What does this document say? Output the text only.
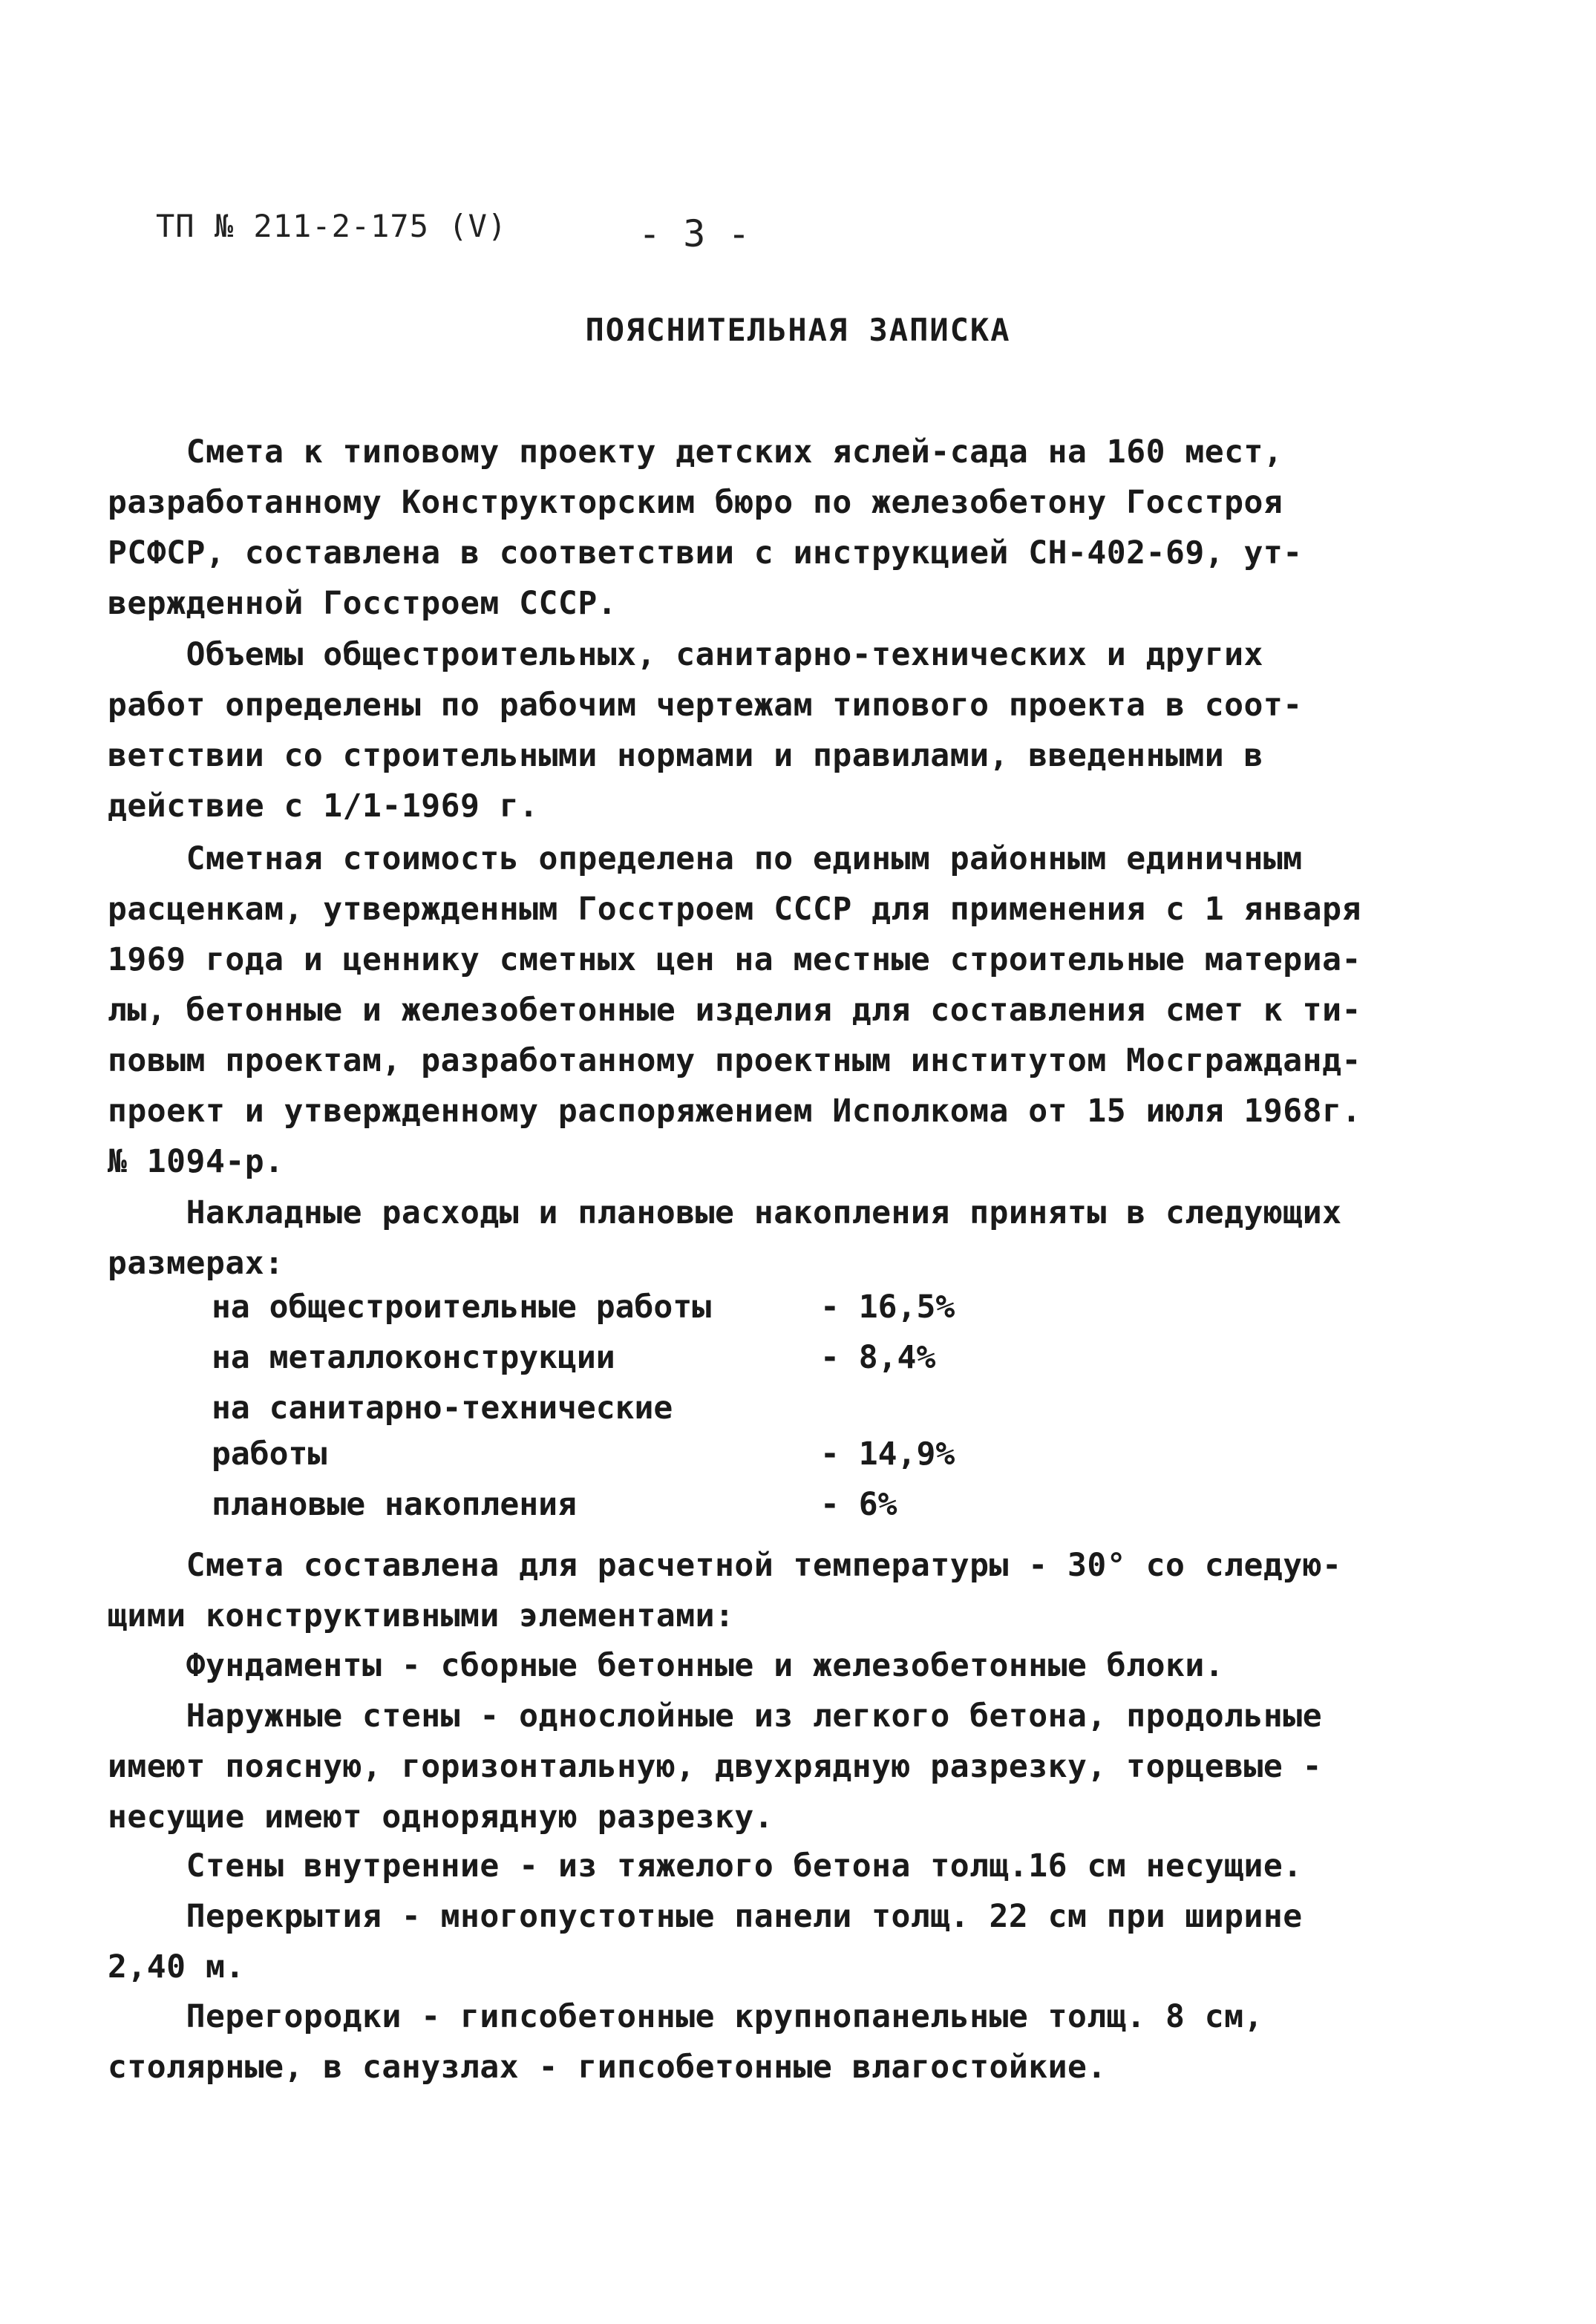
ТП № 211-2-175 (V)	- 3 -
ПОЯСНИТЕЛЬНАЯ ЗАПИСКА
Смета к типовому проекту детских яслей-сада на 160 мест,
разработанному Конструкторским бюро по железобетону Госстроя
РСФСР, составлена в соответствии с инструкцией СН-402-69, ут-
вержденной Госстроем СССР.
Объемы общестроительных, санитарно-технических и других
работ определены по рабочим чертежам типового проекта в соот-
ветствии со строительными нормами и правилами, введенными в
действие с 1/1-1969 г.
Сметная стоимость определена по единым районным единичным
расценкам, утвержденным Госстроем СССР для применения с 1 января
1969 года и ценнику сметных цен на местные строительные материа-
лы, бетонные и железобетонные изделия для составления смет к ти-
повым проектам, разработанному проектным институтом Мосгражданд-
проект и утвержденному распоряжением Исполкома от 15 июля 1968г.
№ 1094-р.
Накладные расходы и плановые накопления приняты в следующих
размерах:
на общестроительные работы	- 16,5%
на металлоконструкции	- 8,4%
на санитарно-технические
работы	- 14,9%
плановые накопления	- 6%
Смета составлена для расчетной температуры - 30° со следую-
щими конструктивными элементами:
Фундаменты - сборные бетонные и железобетонные блоки.
Наружные стены - однослойные из легкого бетона, продольные
имеют поясную, горизонтальную, двухрядную разрезку, торцевые -
несущие имеют однорядную разрезку.
Стены внутренние - из тяжелого бетона толщ.16 см несущие.
Перекрытия - многопустотные панели толщ. 22 см при ширине
2,40 м.
Перегородки - гипсобетонные крупнопанельные толщ. 8 см,
столярные, в санузлах - гипсобетонные влагостойкие.
